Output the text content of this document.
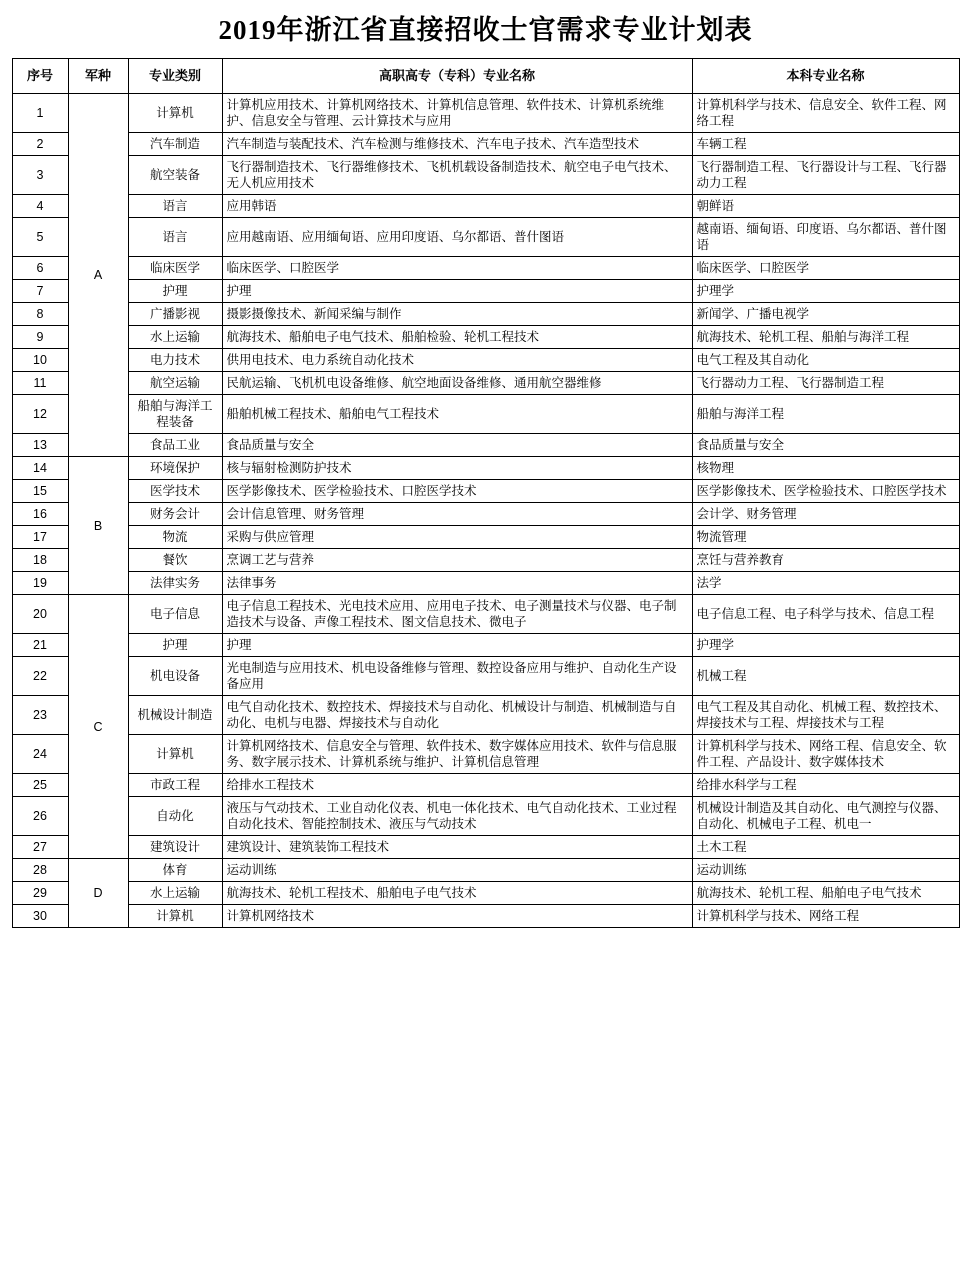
2019年浙江省直接招收士官需求专业计划表
序号	军种	专业类别	高职高专（专科）专业名称	本科专业名称
1	A	计算机	计算机应用技术、计算机网络技术、计算机信息管理、软件技术、计算机系统维护、信息安全与管理、云计算技术与应用	计算机科学与技术、信息安全、软件工程、网络工程
2		汽车制造	汽车制造与装配技术、汽车检测与维修技术、汽车电子技术、汽车造型技术	车辆工程
3		航空装备	飞行器制造技术、飞行器维修技术、飞机机载设备制造技术、航空电子电气技术、无人机应用技术	飞行器制造工程、飞行器设计与工程、飞行器动力工程
4		语言	应用韩语	朝鲜语
5		语言	应用越南语、应用缅甸语、应用印度语、乌尔都语、普什图语	越南语、缅甸语、印度语、乌尔都语、普什图语
6		临床医学	临床医学、口腔医学	临床医学、口腔医学
7		护理	护理	护理学
8		广播影视	摄影摄像技术、新闻采编与制作	新闻学、广播电视学
9		水上运输	航海技术、船舶电子电气技术、船舶检验、轮机工程技术	航海技术、轮机工程、船舶与海洋工程
10		电力技术	供用电技术、电力系统自动化技术	电气工程及其自动化
11		航空运输	民航运输、飞机机电设备维修、航空地面设备维修、通用航空器维修	飞行器动力工程、飞行器制造工程
12		船舶与海洋工程装备	船舶机械工程技术、船舶电气工程技术	船舶与海洋工程
13		食品工业	食品质量与安全	食品质量与安全
14	B	环境保护	核与辐射检测防护技术	核物理
15		医学技术	医学影像技术、医学检验技术、口腔医学技术	医学影像技术、医学检验技术、口腔医学技术
16		财务会计	会计信息管理、财务管理	会计学、财务管理
17		物流	采购与供应管理	物流管理
18		餐饮	烹调工艺与营养	烹饪与营养教育
19		法律实务	法律事务	法学
20	C	电子信息	电子信息工程技术、光电技术应用、应用电子技术、电子测量技术与仪器、电子制造技术与设备、声像工程技术、图文信息技术、微电子	电子信息工程、电子科学与技术、信息工程
21		护理	护理	护理学
22		机电设备	光电制造与应用技术、机电设备维修与管理、数控设备应用与维护、自动化生产设备应用	机械工程
23		机械设计制造	电气自动化技术、数控技术、焊接技术与自动化、机械设计与制造、机械制造与自动化、电机与电器、焊接技术与自动化	电气工程及其自动化、机械工程、数控技术、焊接技术与工程、焊接技术与工程
24		计算机	计算机网络技术、信息安全与管理、软件技术、数字媒体应用技术、软件与信息服务、数字展示技术、计算机系统与维护、计算机信息管理	计算机科学与技术、网络工程、信息安全、软件工程、产品设计、数字媒体技术
25		市政工程	给排水工程技术	给排水科学与工程
26		自动化	液压与气动技术、工业自动化仪表、机电一体化技术、电气自动化技术、工业过程自动化技术、智能控制技术、液压与气动技术	机械设计制造及其自动化、电气测控与仪器、自动化、机械电子工程、机电一
27		建筑设计	建筑设计、建筑装饰工程技术	土木工程
28	D	体育	运动训练	运动训练
29		水上运输	航海技术、轮机工程技术、船舶电子电气技术	航海技术、轮机工程、船舶电子电气技术
30		计算机	计算机网络技术	计算机科学与技术、网络工程
